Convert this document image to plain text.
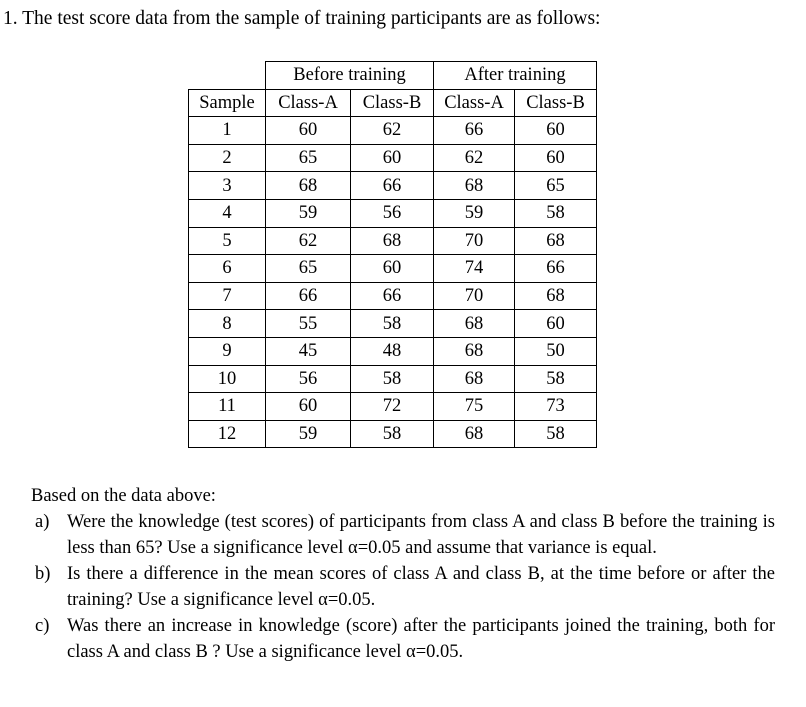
1. The test score data from the sample of training participants are as follows:
	Before training		After training	
Sample	Class-A	Class-B	Class-A	Class-B
1	60	62	66	60
2	65	60	62	60
3	68	66	68	65
4	59	56	59	58
5	62	68	70	68
6	65	60	74	66
7	66	66	70	68
8	55	58	68	60
9	45	48	68	50
10	56	58	68	58
11	60	72	75	73
12	59	58	68	58
Based on the data above:
a) Were the knowledge (test scores) of participants from class A and class B before the training is less than 65? Use a significance level α=0.05 and assume that variance is equal.
b) Is there a difference in the mean scores of class A and class B, at the time before or after the training? Use a significance level α=0.05.
c) Was there an increase in knowledge (score) after the participants joined the training, both for class A and class B ? Use a significance level α=0.05.
